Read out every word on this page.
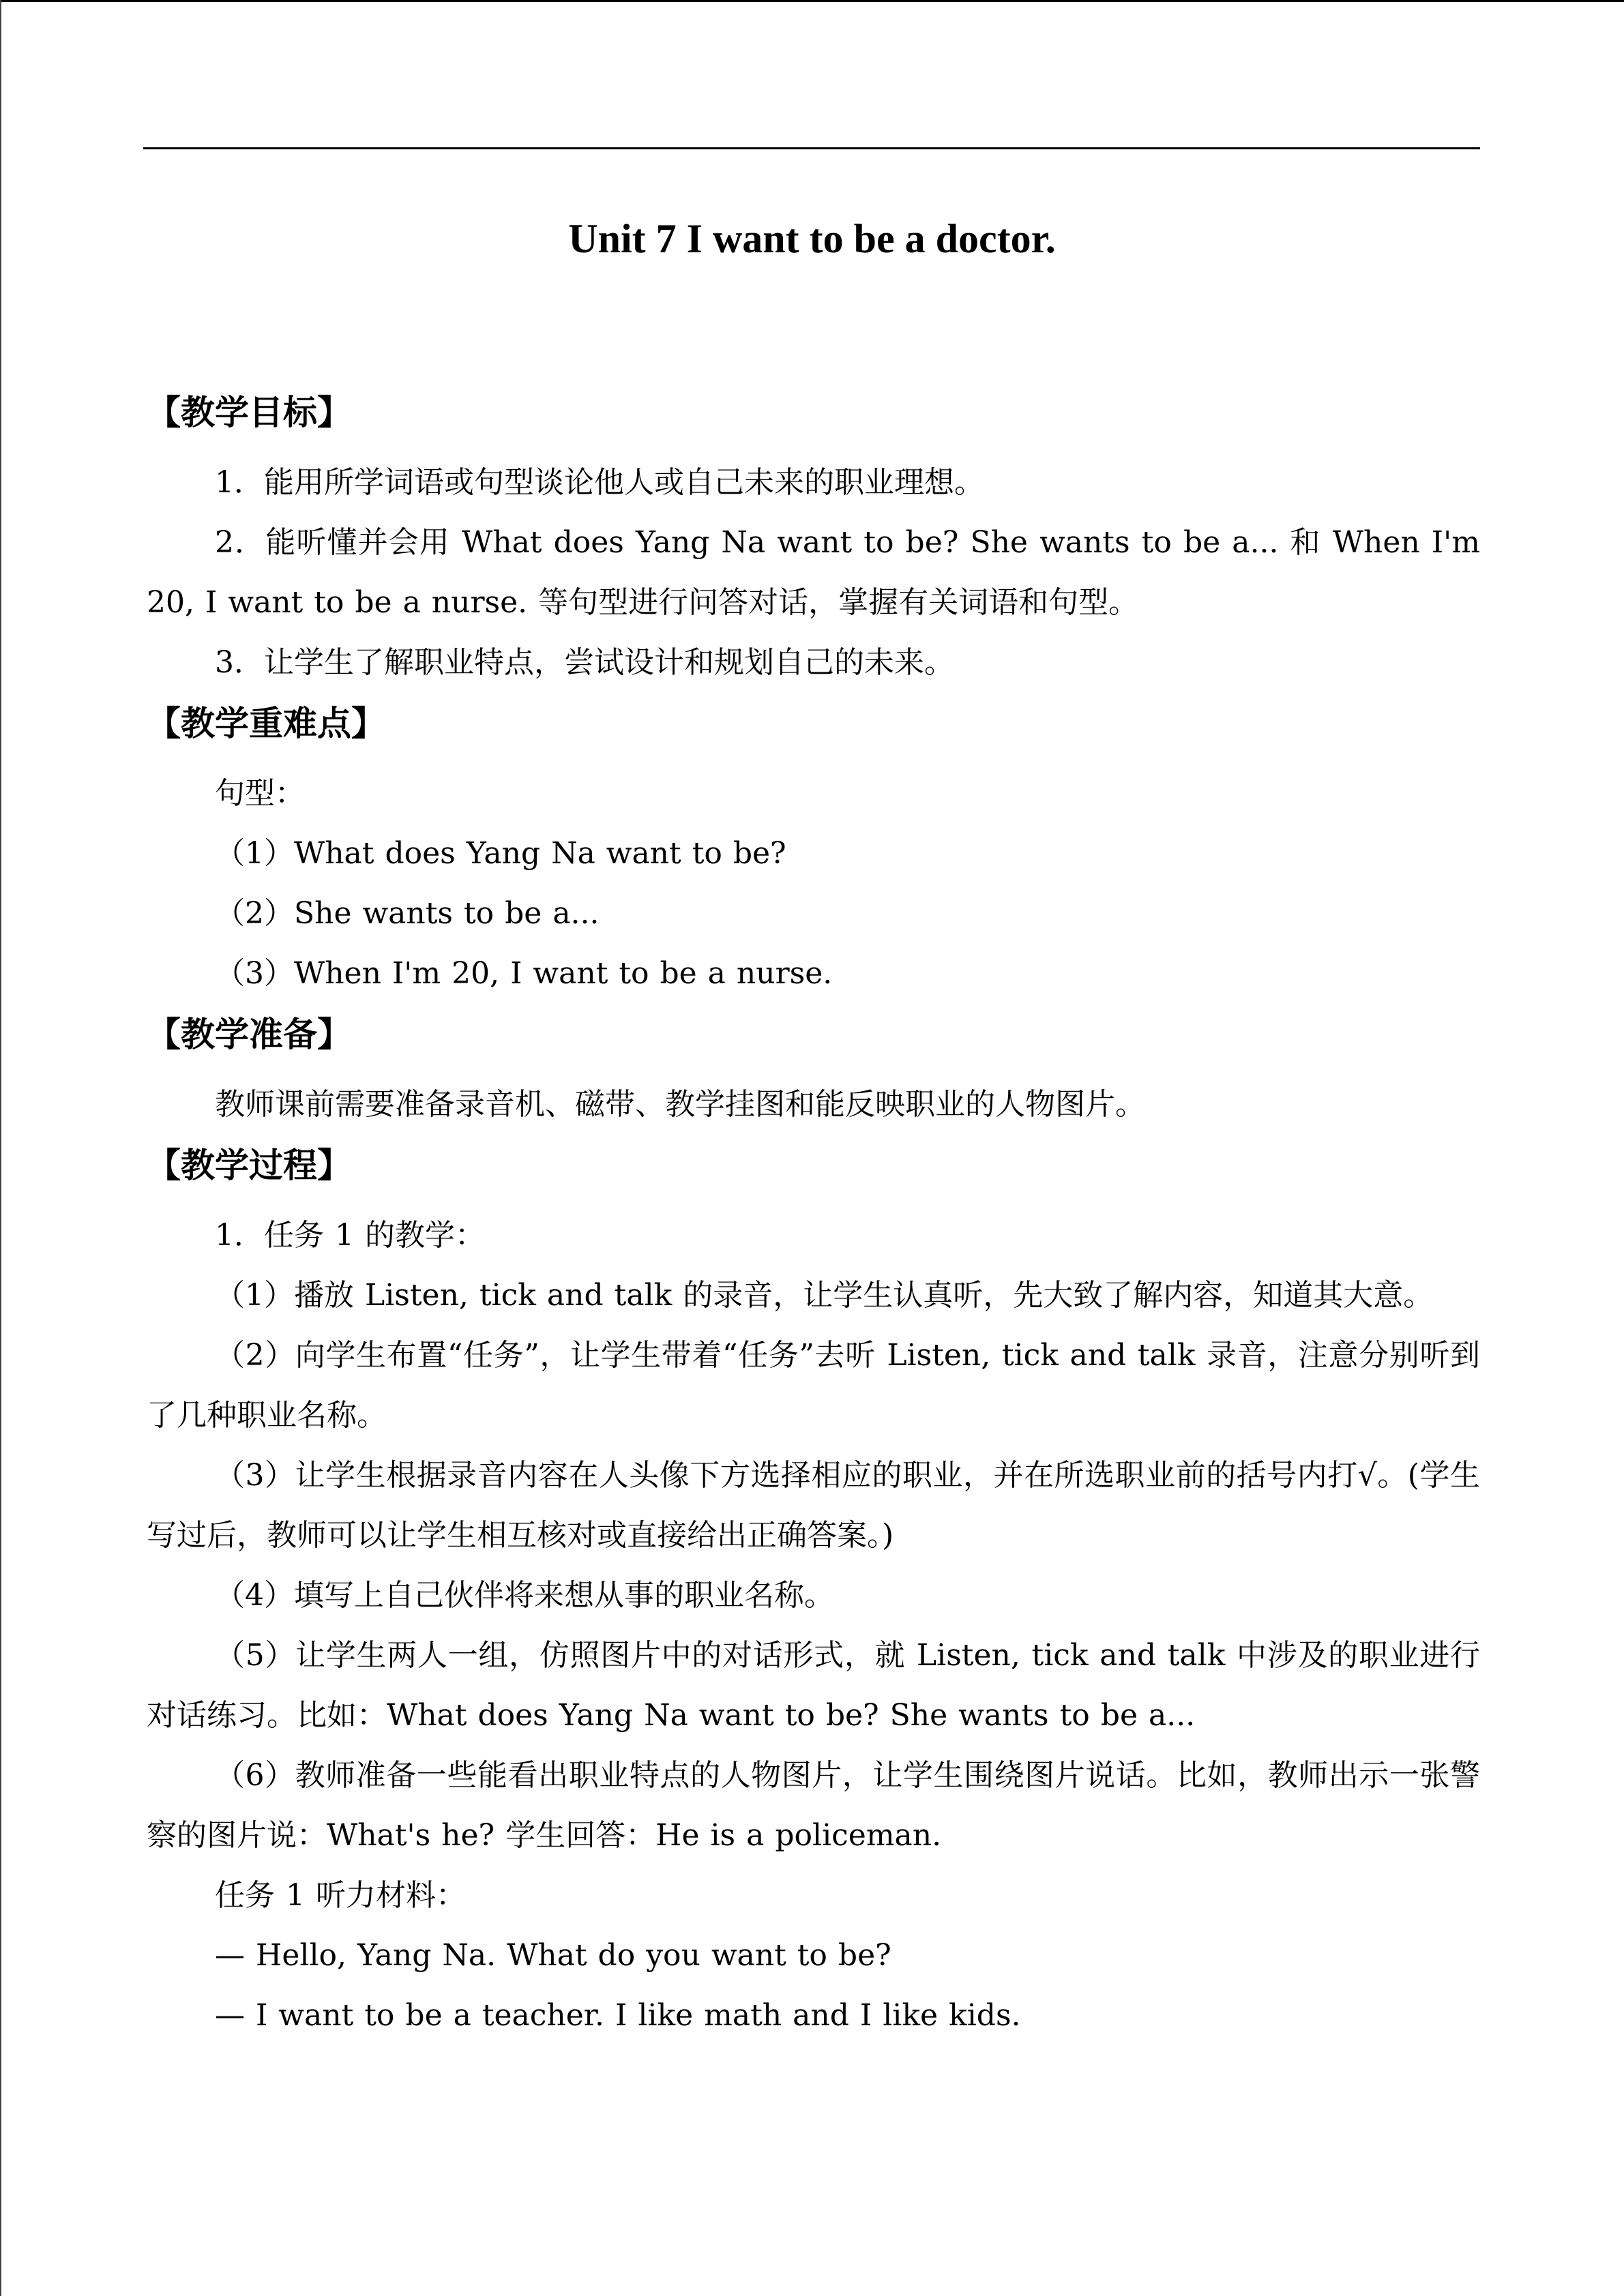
Unit 7 I want to be a doctor.

【教学目标】

1．能用所学词语或句型谈论他人或自己未来的职业理想。

2．能听懂并会用 What does Yang Na want to be? She wants to be a... 和 When I'm 20, I want to be a nurse. 等句型进行问答对话，掌握有关词语和句型。

3．让学生了解职业特点，尝试设计和规划自己的未来。

【教学重难点】

句型：

（1）What does Yang Na want to be?

（2）She wants to be a...

（3）When I'm 20, I want to be a nurse.

【教学准备】

教师课前需要准备录音机、磁带、教学挂图和能反映职业的人物图片。

【教学过程】

1．任务 1 的教学：

（1）播放 Listen, tick and talk 的录音，让学生认真听，先大致了解内容，知道其大意。

（2）向学生布置“任务”，让学生带着“任务”去听 Listen, tick and talk 录音，注意分别听到了几种职业名称。

（3）让学生根据录音内容在人头像下方选择相应的职业，并在所选职业前的括号内打√。(学生写过后，教师可以让学生相互核对或直接给出正确答案。)

（4）填写上自己伙伴将来想从事的职业名称。

（5）让学生两人一组，仿照图片中的对话形式，就 Listen, tick and talk 中涉及的职业进行对话练习。比如：What does Yang Na want to be? She wants to be a...

（6）教师准备一些能看出职业特点的人物图片，让学生围绕图片说话。比如，教师出示一张警察的图片说：What's he? 学生回答：He is a policeman.

任务 1 听力材料：

— Hello, Yang Na. What do you want to be?

— I want to be a teacher. I like math and I like kids.
